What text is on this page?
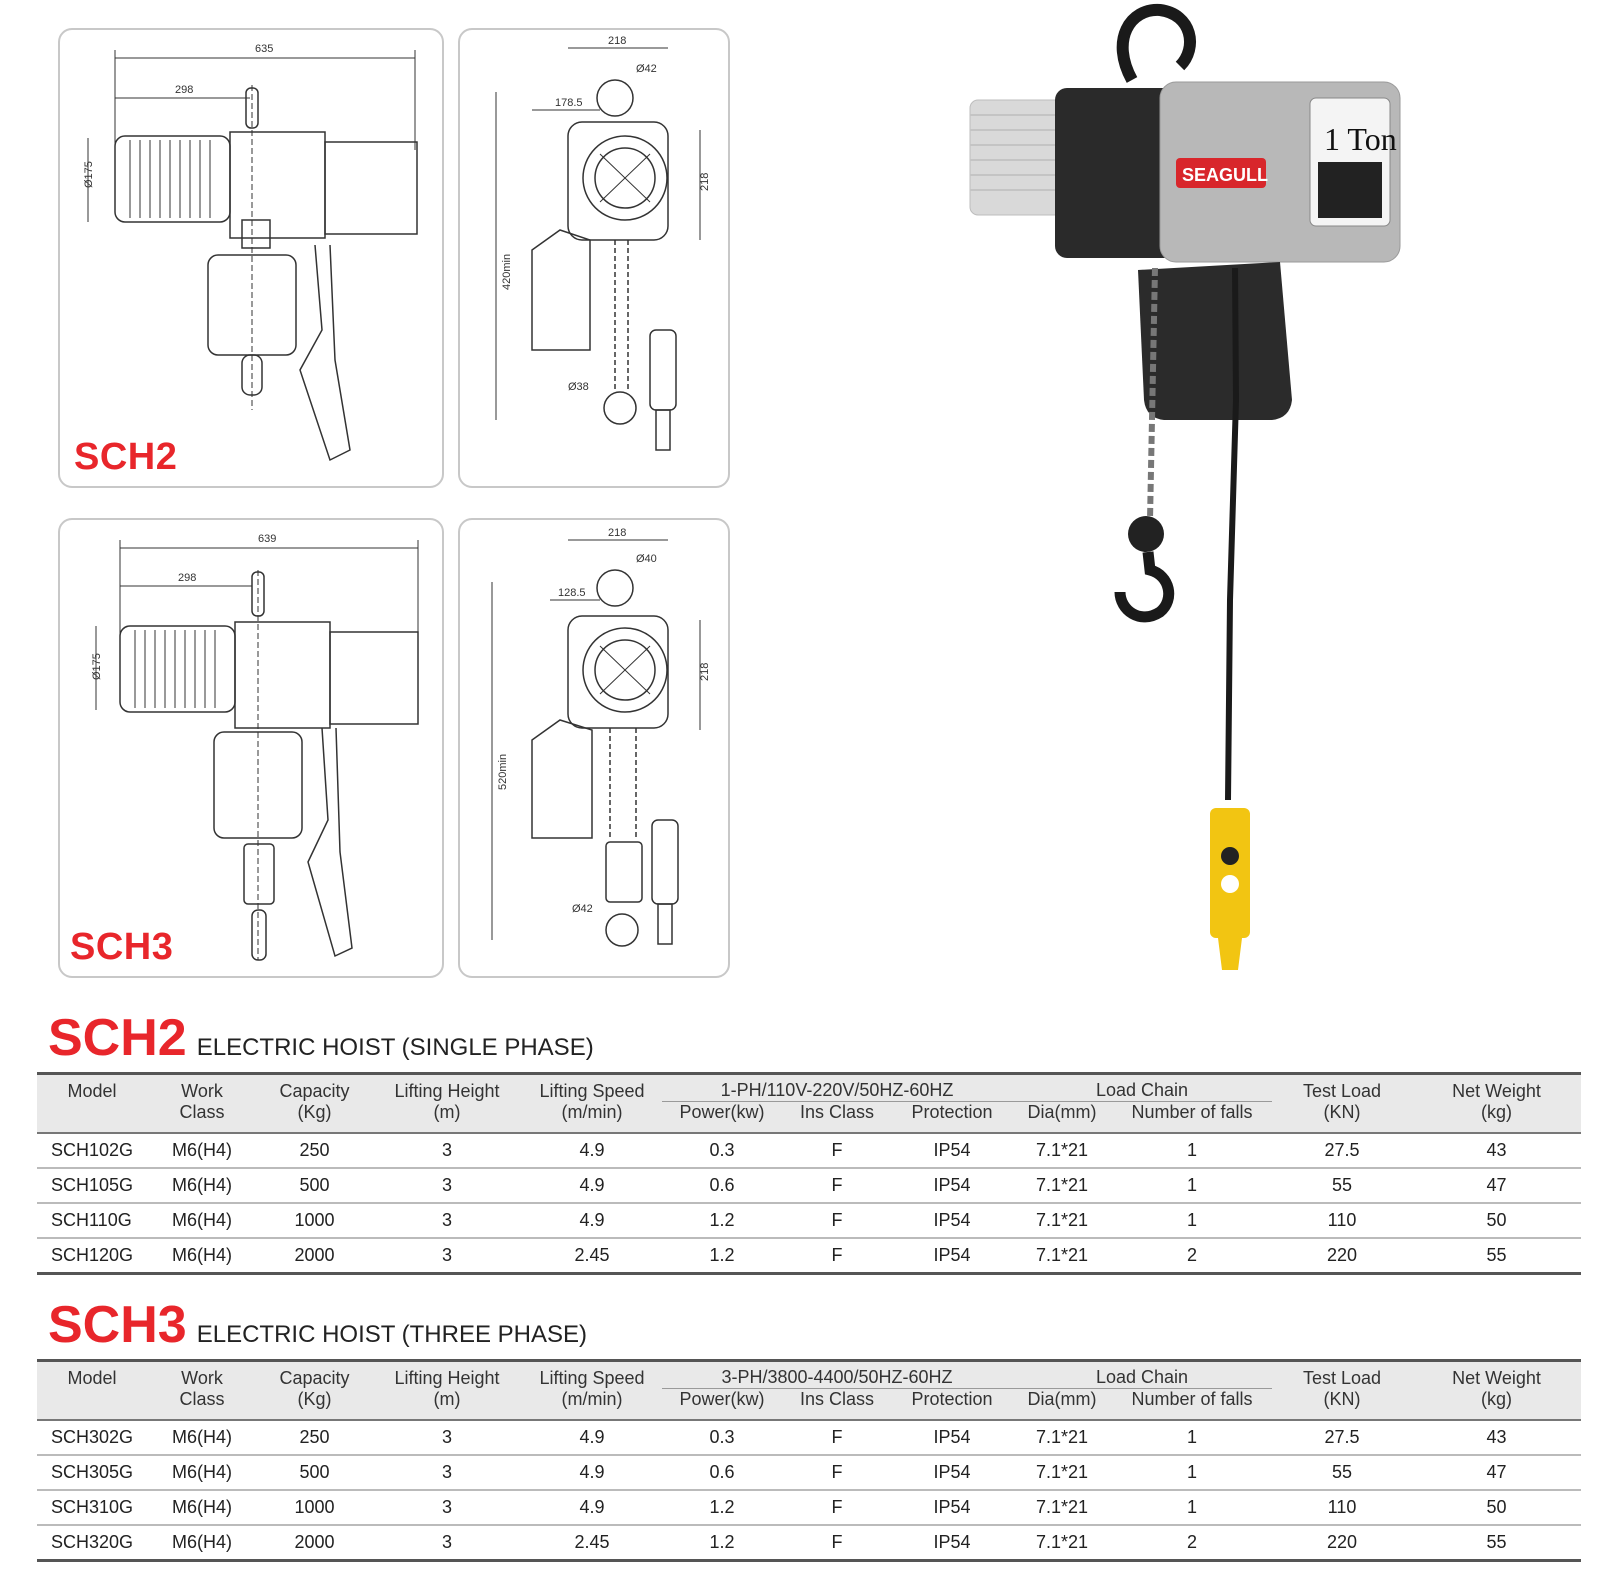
635
298
Ø175
SCH2
218
Ø42
178.5
218
420min
Ø38
639
298
Ø175
SCH3
218
Ø40
128.5
218
520min
Ø42
1 Ton
SEAGULL
SCH2 ELECTRIC HOIST (SINGLE PHASE)
Model	Work	Capacity	Lifting Height	Lifting Speed	1-PH/110V-220V/50HZ-60HZ			Load Chain		Test Load	Net Weight
	Class	(Kg)	(m)	(m/min)	Power(kw)	Ins Class	Protection	Dia(mm)	Number of falls	(KN)	(kg)
SCH102G	M6(H4)	250	3	4.9	0.3	F	IP54	7.1*21	1	27.5	43
SCH105G	M6(H4)	500	3	4.9	0.6	F	IP54	7.1*21	1	55	47
SCH110G	M6(H4)	1000	3	4.9	1.2	F	IP54	7.1*21	1	110	50
SCH120G	M6(H4)	2000	3	2.45	1.2	F	IP54	7.1*21	2	220	55
SCH3 ELECTRIC HOIST (THREE PHASE)
Model	Work	Capacity	Lifting Height	Lifting Speed	3-PH/3800-4400/50HZ-60HZ			Load Chain		Test Load	Net Weight
	Class	(Kg)	(m)	(m/min)	Power(kw)	Ins Class	Protection	Dia(mm)	Number of falls	(KN)	(kg)
SCH302G	M6(H4)	250	3	4.9	0.3	F	IP54	7.1*21	1	27.5	43
SCH305G	M6(H4)	500	3	4.9	0.6	F	IP54	7.1*21	1	55	47
SCH310G	M6(H4)	1000	3	4.9	1.2	F	IP54	7.1*21	1	110	50
SCH320G	M6(H4)	2000	3	2.45	1.2	F	IP54	7.1*21	2	220	55
